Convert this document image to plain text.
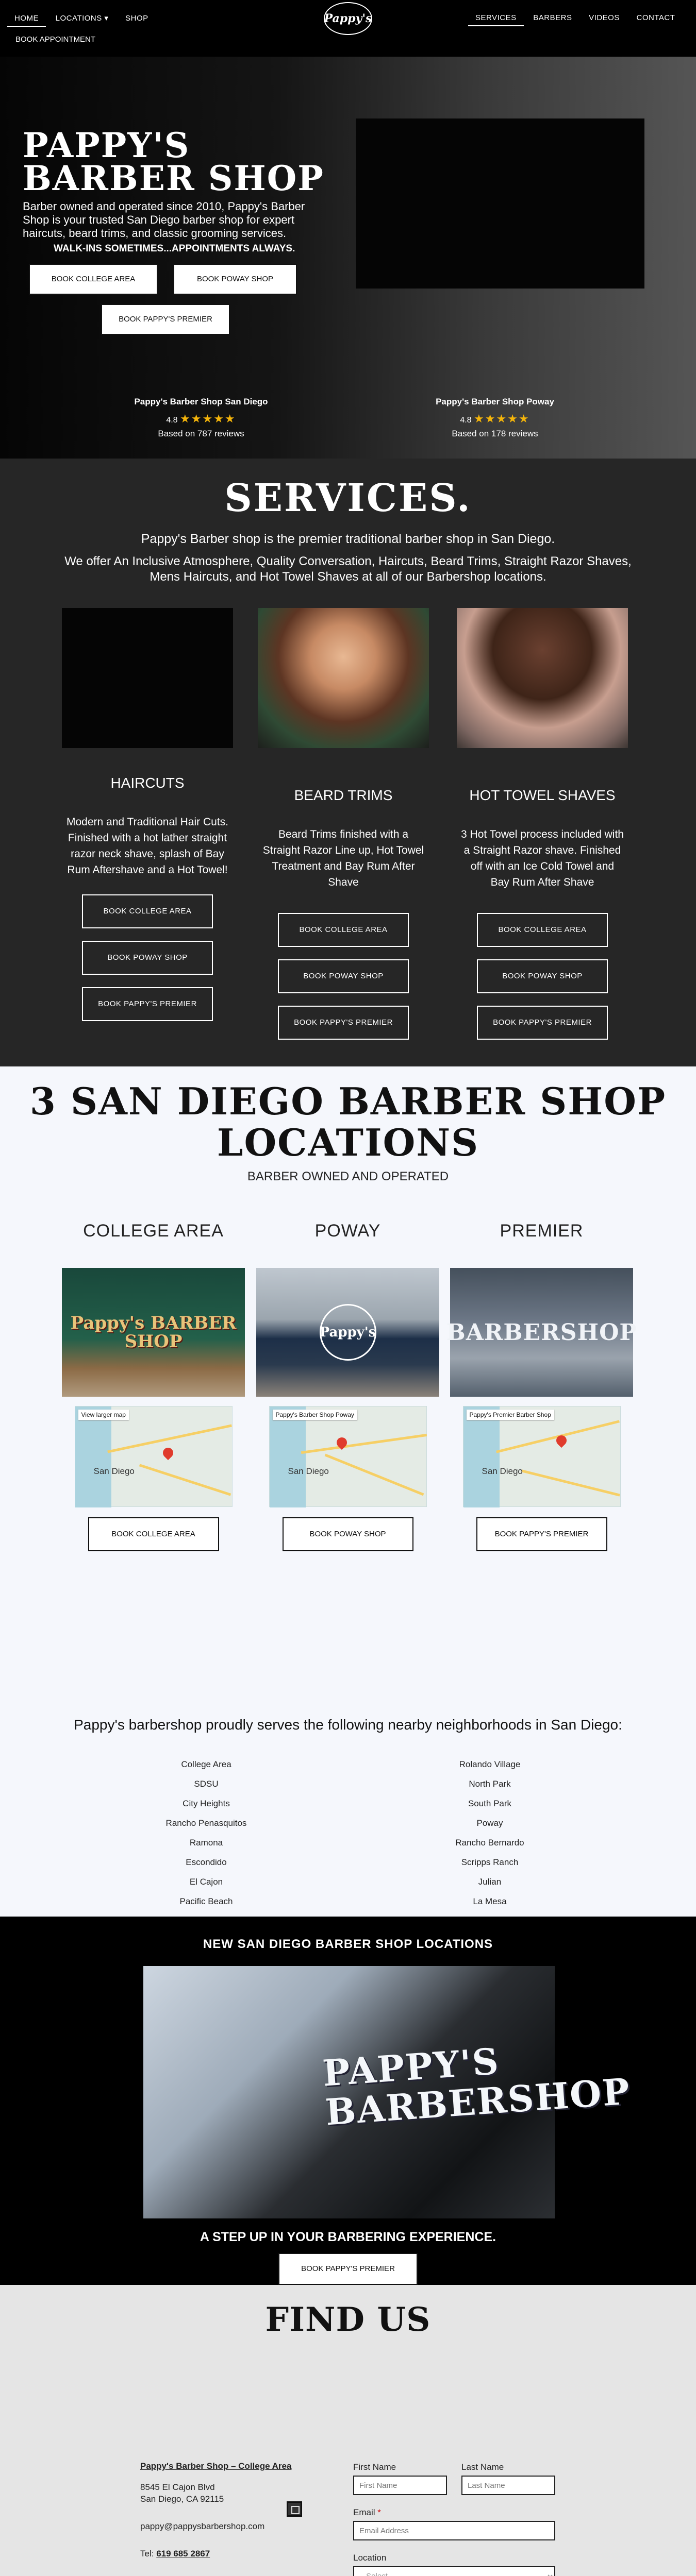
HOME LOCATIONS ▾ SHOP	Pappy's	SERVICES BARBERS VIDEOS CONTACT
BOOK APPOINTMENT
PAPPY'S
BARBER SHOP

Barber owned and operated since 2010, Pappy's Barber Shop is your trusted San Diego barber shop for expert haircuts, beard trims, and classic grooming services.

WALK-INS SOMETIMES...APPOINTMENTS ALWAYS.
BOOK COLLEGE AREA	BOOK POWAY SHOP
BOOK PAPPY'S PREMIER
Pappy's Barber Shop San Diego
4.8 ★★★★★
Based on 787 reviews
Pappy's Barber Shop Poway
4.8 ★★★★★
Based on 178 reviews
SERVICES.

Pappy's Barber shop is the premier traditional barber shop in San Diego.

We offer An Inclusive Atmosphere, Quality Conversation, Haircuts, Beard Trims, Straight Razor Shaves, Mens Haircuts, and Hot Towel Shaves at all of our Barbershop locations.

HAIRCUTS

Modern and Traditional Hair Cuts. Finished with a hot lather straight razor neck shave, splash of Bay Rum Aftershave and a Hot Towel!

BOOK COLLEGE AREA
BOOK POWAY SHOP
BOOK PAPPY'S PREMIER
BEARD TRIMS

Beard Trims finished with a Straight Razor Line up, Hot Towel Treatment and Bay Rum After Shave

BOOK COLLEGE AREA
BOOK POWAY SHOP
BOOK PAPPY'S PREMIER
HOT TOWEL SHAVES

3 Hot Towel process included with a Straight Razor shave. Finished off with an Ice Cold Towel and Bay Rum After Shave

BOOK COLLEGE AREA
BOOK POWAY SHOP
BOOK PAPPY'S PREMIER
3 SAN DIEGO BARBER SHOP
LOCATIONS

BARBER OWNED AND OPERATED

COLLEGE AREA
Pappy's BARBER SHOP
View larger map
San Diego
BOOK COLLEGE AREA
POWAY
Pappy's
Pappy's Barber Shop Poway
San Diego
BOOK POWAY SHOP
PREMIER
BARBERSHOP
Pappy's Premier Barber Shop
San Diego
BOOK PAPPY'S PREMIER

Pappy's barbershop proudly serves the following nearby neighborhoods in San Diego:

College Area
SDSU
City Heights
Rancho Penasquitos
Ramona
Escondido
El Cajon
Pacific Beach
Rolando Village
North Park
South Park
Poway
Rancho Bernardo
Scripps Ranch
Julian
La Mesa
NEW SAN DIEGO BARBER SHOP LOCATIONS
PAPPY'S BARBERSHOP

A STEP UP IN YOUR BARBERING EXPERIENCE.

BOOK PAPPY'S PREMIER
FIND US
Pappy's Barber Shop – College Area
8545 El Cajon Blvd
San Diego, CA 92115
pappy@pappysbarbershop.com
Tel: 619 685 2867
First Name
First Name	Last Name
Last Name
Email *
Email Address
Location
- Select -
